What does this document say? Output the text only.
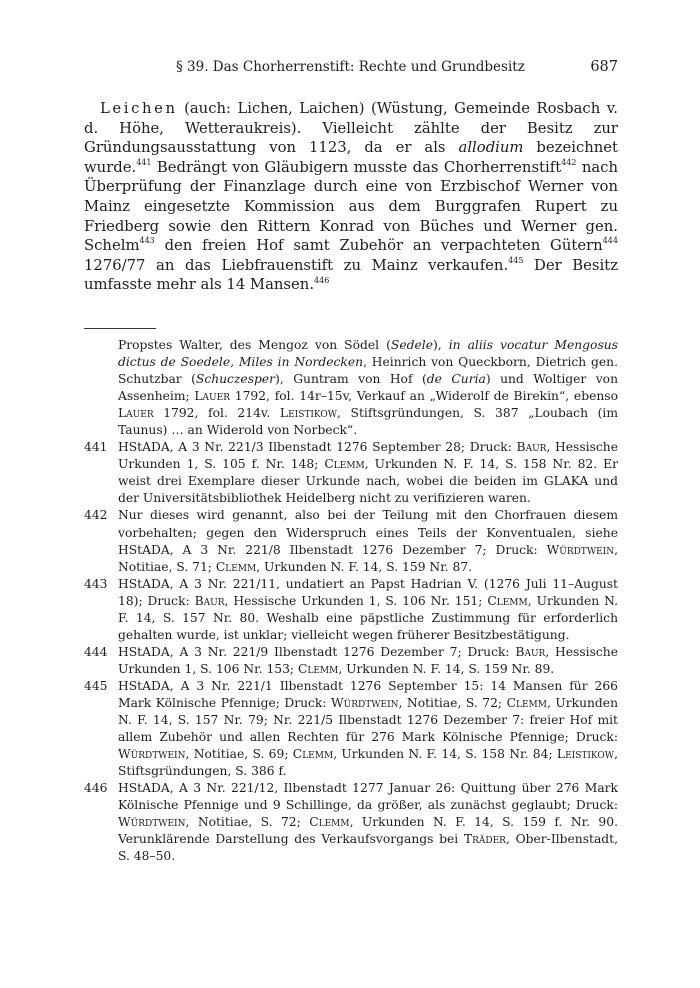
§ 39. Das Chorherrenstift: Rechte und Grundbesitz	687

Leichen (auch: Lichen, Laichen) (Wüstung, Gemeinde Rosbach v. d. Höhe, Wetteraukreis). Vielleicht zählte der Besitz zur Gründungsausstattung von 1123, da er als allodium bezeichnet wurde.$^{441}$ Bedrängt von Gläubigern musste das Chorherrenstift$^{442}$ nach Überprüfung der Finanzlage durch eine von Erzbischof Werner von Mainz eingesetzte Kommission aus dem Burggrafen Rupert zu Friedberg sowie den Rittern Konrad von Büches und Werner gen. Schelm$^{443}$ den freien Hof samt Zubehör an verpachteten Gütern$^{444}$ 1276/77 an das Liebfrauenstift zu Mainz verkaufen.$^{445}$ Der Besitz umfasste mehr als 14 Mansen.$^{446}$

Propstes Walter, des Mengoz von Södel (Sedele), in aliis vocatur Mengosus dictus de Soedele, Miles in Nordecken, Heinrich von Queckborn, Dietrich gen. Schutzbar (Schuczesper), Guntram von Hof (de Curia) und Woltiger von Assenheim; Lauer 1792, fol. 14r–15v, Verkauf an „Widerolf de Birekin“, ebenso Lauer 1792, fol. 214v. Leistikow, Stiftsgründungen, S. 387 „Loubach (im Taunus) … an Widerold von Norbeck“.
441 HStADA, A 3 Nr. 221/3 Ilbenstadt 1276 September 28; Druck: Baur, Hessische Urkunden 1, S. 105 f. Nr. 148; Clemm, Urkunden N. F. 14, S. 158 Nr. 82. Er weist drei Exemplare dieser Urkunde nach, wobei die beiden im GLAKA und der Universitätsbibliothek Heidelberg nicht zu verifizieren waren.
442 Nur dieses wird genannt, also bei der Teilung mit den Chorfrauen diesem vorbehalten; gegen den Widerspruch eines Teils der Konventualen, siehe HStADA, A 3 Nr. 221/8 Ilbenstadt 1276 Dezember 7; Druck: Würdtwein, Notitiae, S. 71; Clemm, Urkunden N. F. 14, S. 159 Nr. 87.
443 HStADA, A 3 Nr. 221/11, undatiert an Papst Hadrian V. (1276 Juli 11–August 18); Druck: Baur, Hessische Urkunden 1, S. 106 Nr. 151; Clemm, Urkunden N. F. 14, S. 157 Nr. 80. Weshalb eine päpstliche Zustimmung für erforderlich gehalten wurde, ist unklar; vielleicht wegen früherer Besitzbestätigung.
444 HStADA, A 3 Nr. 221/9 Ilbenstadt 1276 Dezember 7; Druck: Baur, Hessische Urkunden 1, S. 106 Nr. 153; Clemm, Urkunden N. F. 14, S. 159 Nr. 89.
445 HStADA, A 3 Nr. 221/1 Ilbenstadt 1276 September 15: 14 Mansen für 266 Mark Kölnische Pfennige; Druck: Würdtwein, Notitiae, S. 72; Clemm, Urkunden N. F. 14, S. 157 Nr. 79; Nr. 221/5 Ilbenstadt 1276 Dezember 7: freier Hof mit allem Zubehör und allen Rechten für 276 Mark Kölnische Pfennige; Druck: Würdtwein, Notitiae, S. 69; Clemm, Urkunden N. F. 14, S. 158 Nr. 84; Leistikow, Stiftsgründungen, S. 386 f.
446 HStADA, A 3 Nr. 221/12, Ilbenstadt 1277 Januar 26: Quittung über 276 Mark Kölnische Pfennige und 9 Schillinge, da größer, als zunächst geglaubt; Druck: Würdtwein, Notitiae, S. 72; Clemm, Urkunden N. F. 14, S. 159 f. Nr. 90. Verunklärende Darstellung des Verkaufsvorgangs bei Träder, Ober-Ilbenstadt, S. 48–50.
